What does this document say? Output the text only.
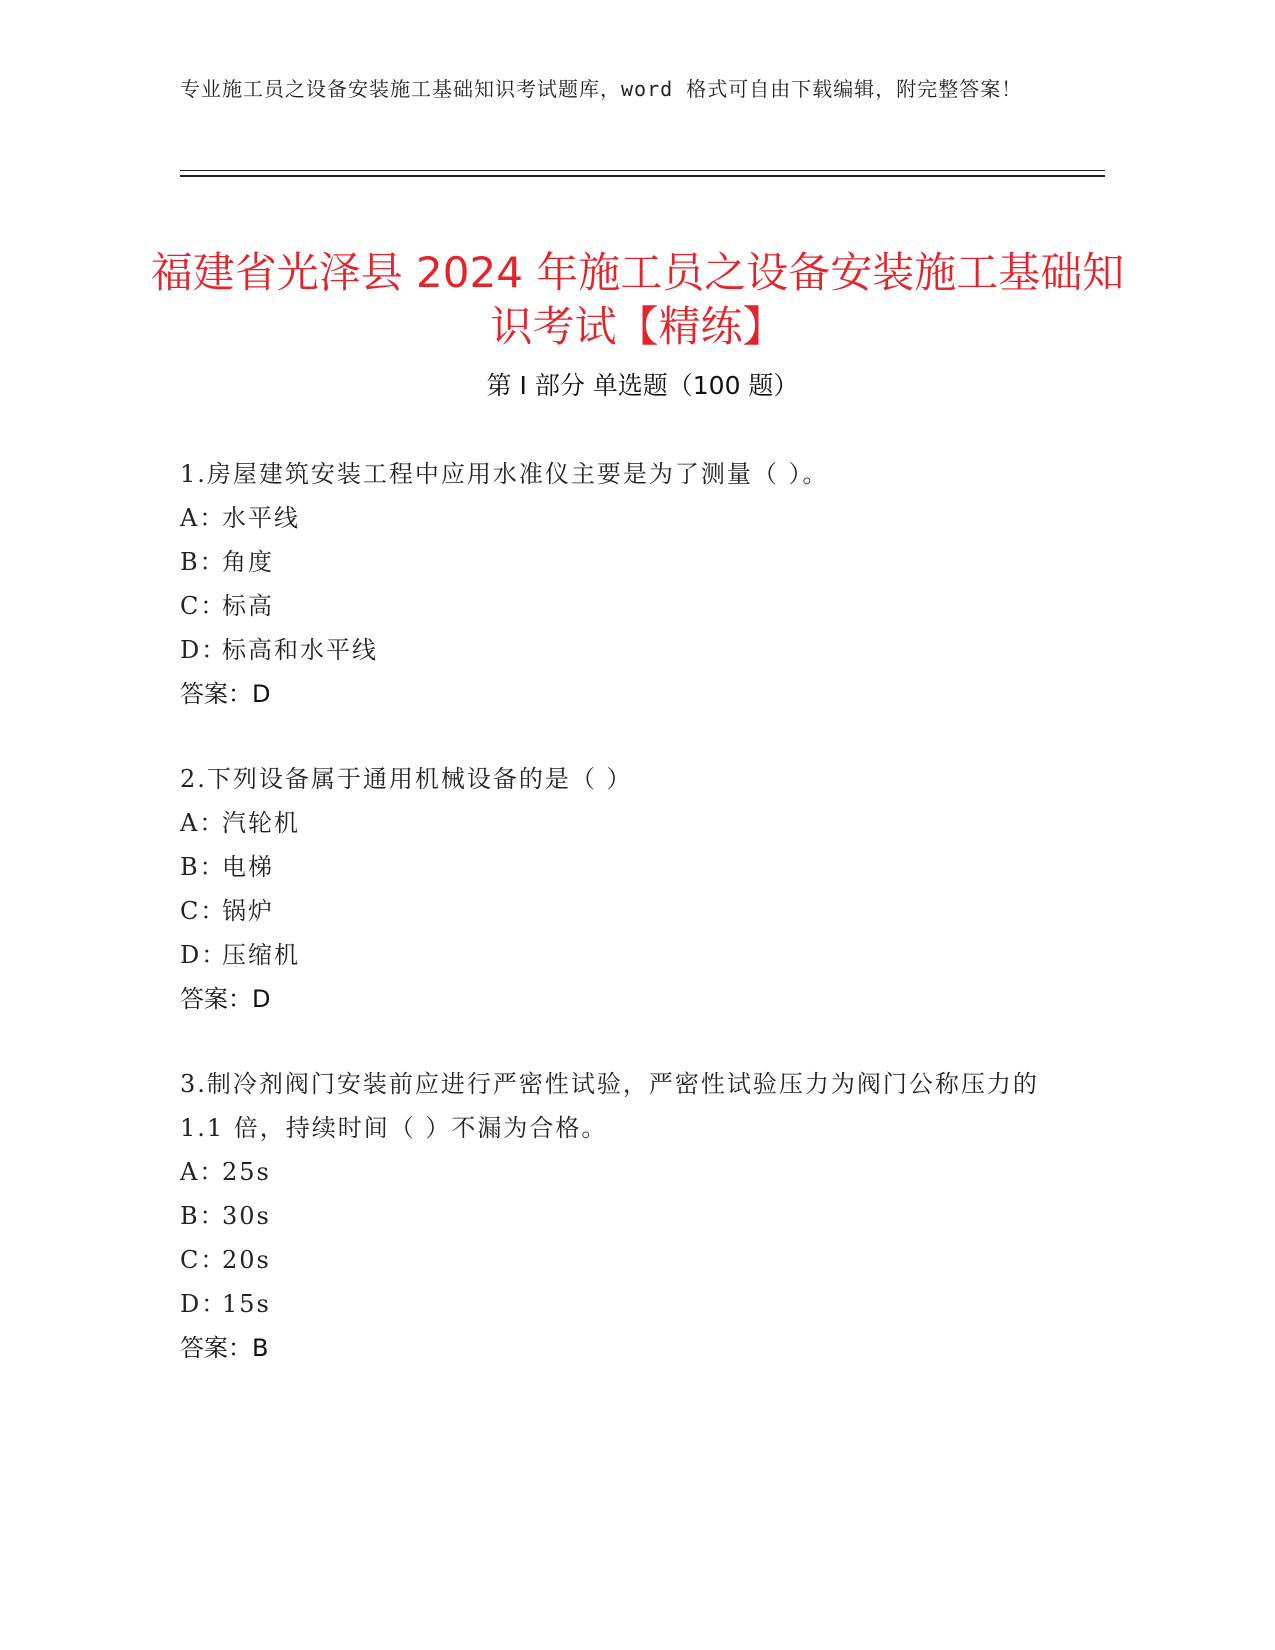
专业施工员之设备安装施工基础知识考试题库，word 格式可自由下载编辑，附完整答案！
福建省光泽县 2024 年施工员之设备安装施工基础知识考试【精练】
第 I 部分 单选题（100 题）
1.房屋建筑安装工程中应用水准仪主要是为了测量（ ）。
A：
水平线
B：
角度
C：
标高
D：
标高和水平线
答案：D
2.下列设备属于通用机械设备的是（ ）
A：
汽轮机
B：
电梯
C：
锅炉
D：
压缩机
答案：D
3.制冷剂阀门安装前应进行严密性试验，严密性试验压力为阀门公称压力的 1.1 倍，持续时间（ ）不漏为合格。
A：
25s
B：
30s
C：
20s
D：
15s
答案：B
